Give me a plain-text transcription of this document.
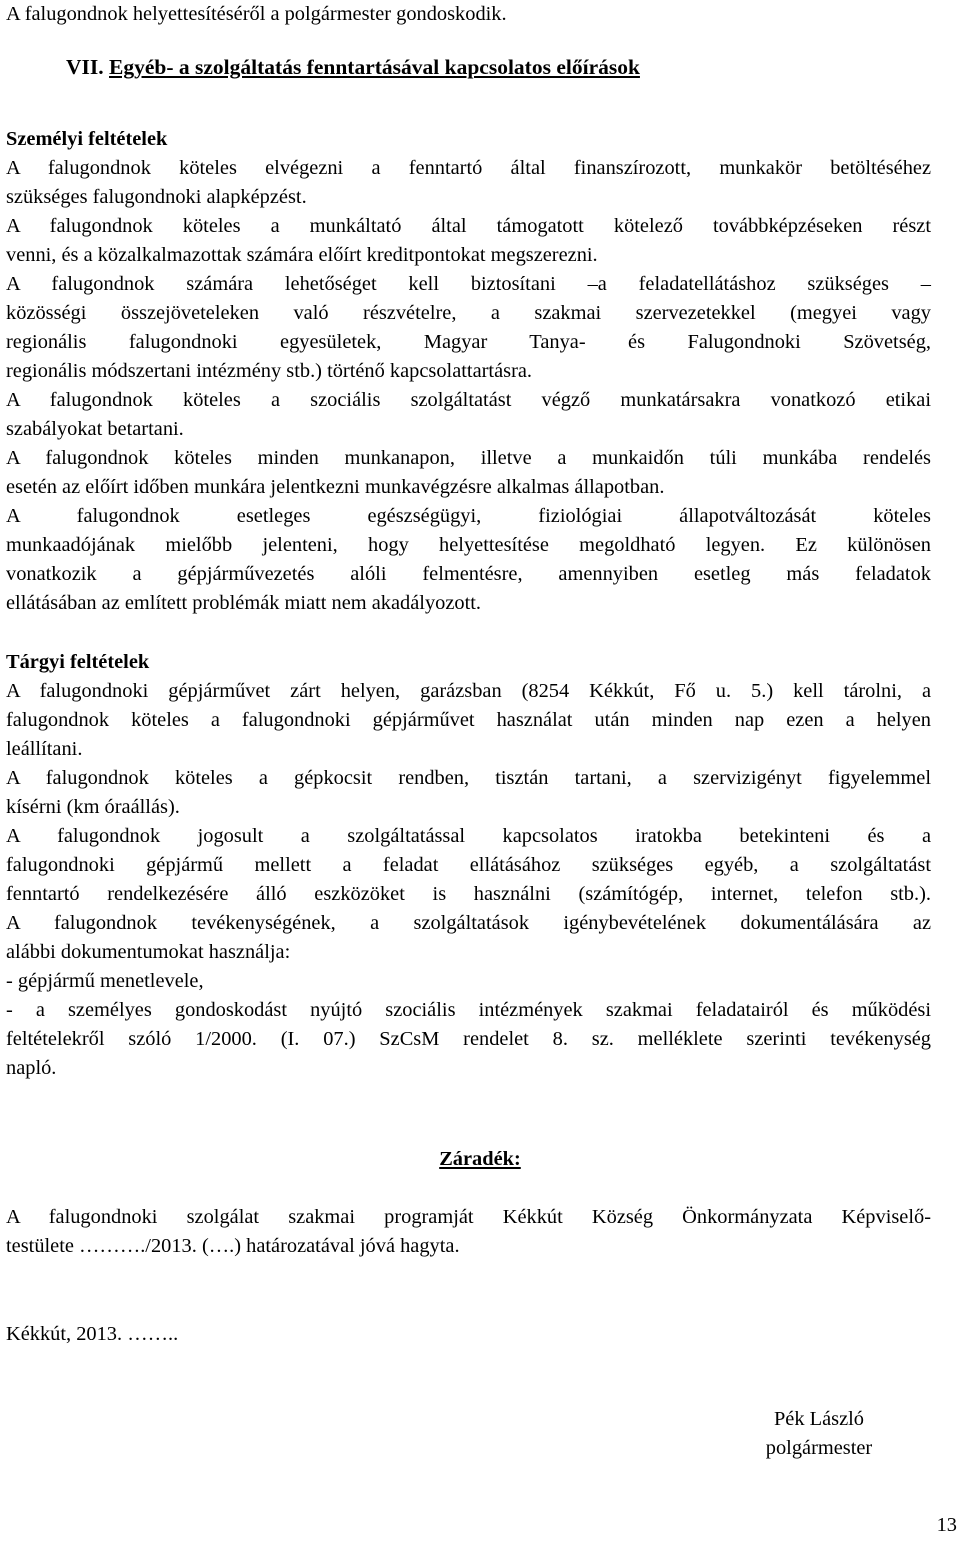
A falugondnok helyettesítéséről a polgármester gondoskodik.

VII. Egyéb- a szolgáltatás fenntartásával kapcsolatos előírások

Személyi feltételek

A falugondnok köteles elvégezni a fenntartó által finanszírozott, munkakör betöltéséhez

szükséges falugondnoki alapképzést.

A falugondnok köteles a munkáltató által támogatott kötelező továbbképzéseken részt

venni, és a közalkalmazottak számára előírt kreditpontokat megszerezni.

A falugondnok számára lehetőséget kell biztosítani –a feladatellátáshoz szükséges –

közösségi összejöveteleken való részvételre, a szakmai szervezetekkel (megyei vagy

regionális falugondnoki egyesületek, Magyar Tanya- és Falugondnoki Szövetség,

regionális módszertani intézmény stb.) történő kapcsolattartásra.

A falugondnok köteles a szociális szolgáltatást végző munkatársakra vonatkozó etikai

szabályokat betartani.

A falugondnok köteles minden munkanapon, illetve a munkaidőn túli munkába rendelés

esetén az előírt időben munkára jelentkezni munkavégzésre alkalmas állapotban.

A falugondnok esetleges egészségügyi, fiziológiai állapotváltozását köteles

munkaadójának mielőbb jelenteni, hogy helyettesítése megoldható legyen. Ez különösen

vonatkozik a gépjárművezetés alóli felmentésre, amennyiben esetleg más feladatok

ellátásában az említett problémák miatt nem akadályozott.

Tárgyi feltételek

A falugondnoki gépjárművet zárt helyen, garázsban (8254 Kékkút, Fő u. 5.) kell tárolni, a

falugondnok köteles a falugondnoki gépjárművet használat után minden nap ezen a helyen

leállítani.

A falugondnok köteles a gépkocsit rendben, tisztán tartani, a szervizigényt figyelemmel

kísérni (km óraállás).

A falugondnok jogosult a szolgáltatással kapcsolatos iratokba betekinteni és a

falugondnoki gépjármű mellett a feladat ellátásához szükséges egyéb, a szolgáltatást

fenntartó rendelkezésére álló eszközöket is használni (számítógép, internet, telefon stb.).

A falugondnok tevékenységének, a szolgáltatások igénybevételének dokumentálására az

alábbi dokumentumokat használja:

- gépjármű menetlevele,

- a személyes gondoskodást nyújtó szociális intézmények szakmai feladatairól és működési

feltételekről szóló 1/2000. (I. 07.) SzCsM rendelet 8. sz. melléklete szerinti tevékenység

napló.

Záradék:

A falugondnoki szolgálat szakmai programját Kékkút Község Önkormányzata Képviselő-

testülete ………./2013. (….) határozatával jóvá hagyta.

Kékkút, 2013. ……..

Pék László
polgármester
13
